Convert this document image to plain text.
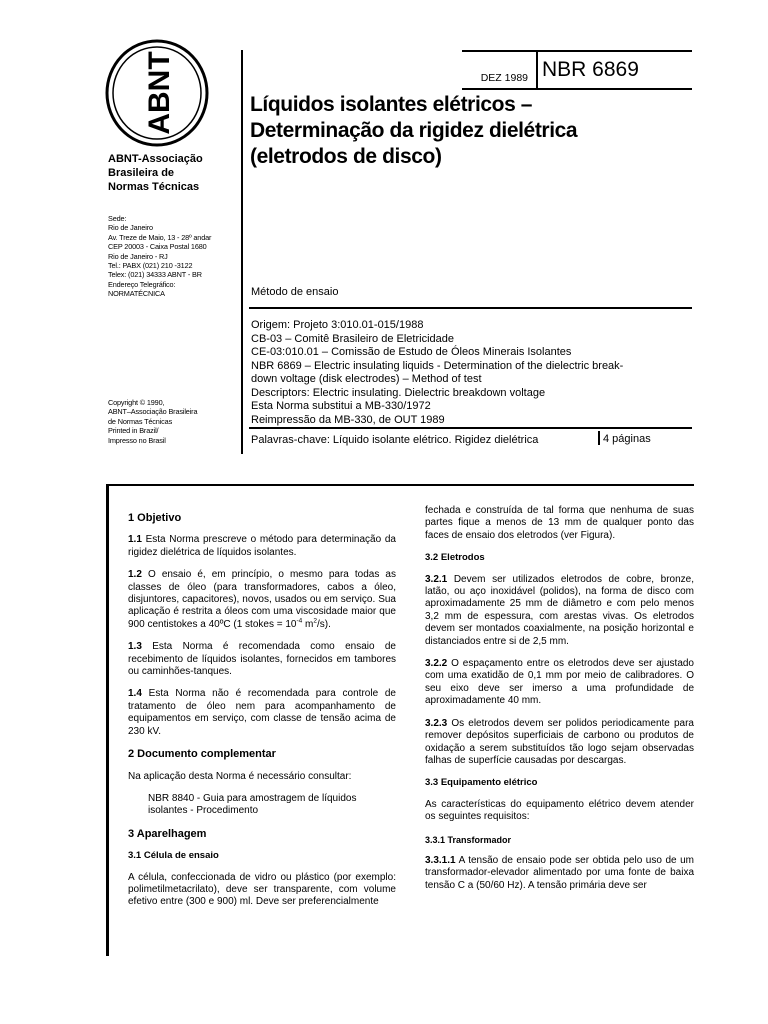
ABNT
ABNT-Associação
Brasileira de
Normas Técnicas
Sede:
Rio de Janeiro
Av. Treze de Maio, 13 - 28º andar
CEP 20003 - Caixa Postal 1680
Rio de Janeiro - RJ
Tel.: PABX (021) 210 -3122
Telex: (021) 34333 ABNT - BR
Endereço Telegráfico:
NORMATÉCNICA
Copyright © 1990,
ABNT–Associação Brasileira
de Normas Técnicas
Printed in Brazil/
Impresso no Brasil
DEZ 1989 NBR 6869
Líquidos isolantes elétricos –
Determinação da rigidez dielétrica
(eletrodos de disco)
Método de ensaio
Origem: Projeto 3:010.01-015/1988
CB-03 – Comitê Brasileiro de Eletricidade
CE-03:010.01 – Comissão de Estudo de Óleos Minerais Isolantes
NBR 6869 – Electric insulating liquids - Determination of the dielectric break-
down voltage (disk electrodes) – Method of test
Descriptors: Electric insulating. Dielectric breakdown voltage
Esta Norma substitui a MB-330/1972
Reimpressão da MB-330, de OUT 1989
Palavras-chave: Líquido isolante elétrico. Rigidez dielétrica	4 páginas
1 Objetivo

1.1 Esta Norma prescreve o método para determinação da rigidez dielétrica de líquidos isolantes.

1.2 O ensaio é, em princípio, o mesmo para todas as classes de óleo (para transformadores, cabos a óleo, disjuntores, capacitores), novos, usados ou em serviço. Sua aplicação é restrita a óleos com uma viscosidade maior que 900 centistokes a 40ºC (1 stokes = $10^{-4}$ $m^2/s$).

1.3 Esta Norma é recomendada como ensaio de recebimento de líquidos isolantes, fornecidos em tambores ou caminhões-tanques.

1.4 Esta Norma não é recomendada para controle de tratamento de óleo nem para acompanhamento de equipamentos em serviço, com classe de tensão acima de 230 kV.

2 Documento complementar

Na aplicação desta Norma é necessário consultar:

NBR 8840 - Guia para amostragem de líquidos isolantes - Procedimento

3 Aparelhagem
3.1 Célula de ensaio

A célula, confeccionada de vidro ou plástico (por exemplo: polimetilmetacrilato), deve ser transparente, com volume efetivo entre (300 e 900) ml. Deve ser preferencialmente

fechada e construída de tal forma que nenhuma de suas partes fique a menos de 13 mm de qualquer ponto das faces de ensaio dos eletrodos (ver Figura).

3.2 Eletrodos

3.2.1 Devem ser utilizados eletrodos de cobre, bronze, latão, ou aço inoxidável (polidos), na forma de disco com aproximadamente 25 mm de diâmetro e com pelo menos 3,2 mm de espessura, com arestas vivas. Os eletrodos devem ser montados coaxialmente, na posição horizontal e distanciados entre si de 2,5 mm.

3.2.2 O espaçamento entre os eletrodos deve ser ajustado com uma exatidão de 0,1 mm por meio de calibradores. O seu eixo deve ser imerso a uma profundidade de aproximadamente 40 mm.

3.2.3 Os eletrodos devem ser polidos periodicamente para remover depósitos superficiais de carbono ou produtos de oxidação a serem substituídos tão logo sejam observadas falhas de superfície causadas por descargas.

3.3 Equipamento elétrico

As características do equipamento elétrico devem atender os seguintes requisitos:

3.3.1 Transformador

3.3.1.1 A tensão de ensaio pode ser obtida pelo uso de um transformador-elevador alimentado por uma fonte de baixa tensão C a (50/60 Hz). A tensão primária deve ser
